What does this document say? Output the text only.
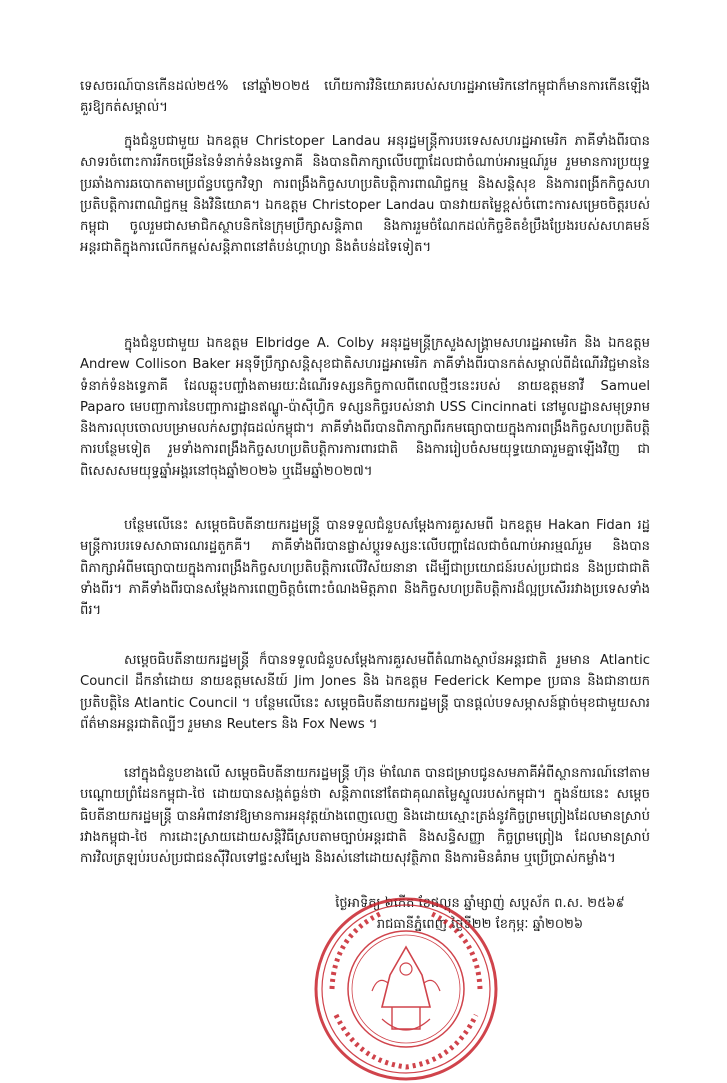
ទេសចរណ៍បានកើនដល់២៥% នៅឆ្នាំ២០២៥ ហើយការវិនិយោគរបស់សហរដ្ឋអាមេរិកនៅកម្ពុជាក៏មានការកើនឡើងគួរឱ្យកត់សម្គាល់។

ក្នុងជំនួបជាមួយ ឯកឧត្តម Christoper Landau អនុរដ្ឋមន្ត្រីការបរទេសសហរដ្ឋអាមេរិក ភាគីទាំងពីរបានសាទរចំពោះការរីកចម្រើននៃទំនាក់ទំនងទ្វេភាគី និងបានពិភាក្សាលើបញ្ហាដែលជាចំណាប់អារម្មណ៍រួម រួមមានការប្រយុទ្ធប្រឆាំងការឆបោកតាមប្រព័ន្ធបច្ចេកវិទ្យា ការពង្រឹងកិច្ចសហប្រតិបត្តិការពាណិជ្ជកម្ម និងសន្តិសុខ និងការពង្រីកកិច្ចសហប្រតិបត្តិការពាណិជ្ជកម្ម និងវិនិយោគ។ ឯកឧត្តម Christoper Landau បានវាយតម្លៃខ្ពស់ចំពោះការសម្រេចចិត្តរបស់កម្ពុជា ចូលរួមជាសមាជិកស្ថាបនិកនៃក្រុមប្រឹក្សាសន្តិភាព និងការរួមចំណែកដល់កិច្ចខិតខំប្រឹងប្រែងរបស់សហគមន៍អន្តរជាតិក្នុងការលើកកម្ពស់សន្តិភាពនៅតំបន់ហ្គាហ្សា និងតំបន់ដទៃទៀត។

ក្នុងជំនួបជាមួយ ឯកឧត្តម Elbridge A. Colby អនុរដ្ឋមន្ត្រីក្រសួងសង្គ្រាមសហរដ្ឋអាមេរិក និង ឯកឧត្តម Andrew Collison Baker អនុទីប្រឹក្សាសន្តិសុខជាតិសហរដ្ឋអាមេរិក ភាគីទាំងពីរបានកត់សម្គាល់ពីដំណើរវិជ្ជមាននៃទំនាក់ទំនងទ្វេភាគី ដែលឆ្លុះបញ្ចាំងតាមរយៈដំណើរទស្សនកិច្ចកាលពីពេលថ្មីៗនេះរបស់ នាយឧត្តមនាវី Samuel Paparo មេបញ្ជាការនៃបញ្ជាការដ្ឋានឥណ្ឌូ-ប៉ាស៊ីហ្វិក ទស្សនកិច្ចរបស់នាវា USS Cincinnati នៅមូលដ្ឋានសមុទ្ររាម និងការលុបចោលបម្រាមលក់សព្វាវុធដល់កម្ពុជា។ ភាគីទាំងពីរបានពិភាក្សាពីរកមធ្យោបាយក្នុងការពង្រឹងកិច្ចសហប្រតិបត្តិការបន្ថែមទៀត រួមទាំងការពង្រឹងកិច្ចសហប្រតិបត្តិការការពារជាតិ និងការរៀបចំសមយុទ្ធយោធារួមគ្នាឡើងវិញ ជាពិសេសសមយុទ្ធឆ្នាំអង្គរនៅចុងឆ្នាំ២០២៦ ឬដើមឆ្នាំ២០២៧។

បន្ថែមលើនេះ សម្តេចធិបតីនាយករដ្ឋមន្ត្រី បានទទួលជំនួបសម្តែងការគួរសមពី ឯកឧត្តម Hakan Fidan រដ្ឋមន្ត្រីការបរទេសសាធារណរដ្ឋតួកគី។ ភាគីទាំងពីរបានផ្លាស់ប្តូរទស្សនៈលើបញ្ហាដែលជាចំណាប់អារម្មណ៍រួម និងបានពិភាក្សាអំពីមធ្យោបាយក្នុងការពង្រឹងកិច្ចសហប្រតិបត្តិការលើវិស័យនានា ដើម្បីជាប្រយោជន៍របស់ប្រជាជន និងប្រជាជាតិទាំងពីរ។ ភាគីទាំងពីរបានសម្តែងការពេញចិត្តចំពោះចំណងមិត្តភាព និងកិច្ចសហប្រតិបត្តិការដ៏ល្អប្រសើររវាងប្រទេសទាំងពីរ។

សម្តេចធិបតីនាយករដ្ឋមន្ត្រី ក៏បានទទួលជំនួបសម្តែងការគួរសមពីតំណាងស្ថាប័នអន្តរជាតិ រួមមាន Atlantic Council ដឹកនាំដោយ នាយឧត្តមសេនីយ៍ Jim Jones និង ឯកឧត្តម Federick Kempe ប្រធាន និងជានាយកប្រតិបត្តិនៃ Atlantic Council ។ បន្ថែមលើនេះ សម្តេចធិបតីនាយករដ្ឋមន្ត្រី បានផ្តល់បទសម្ភាសន៍ផ្តាច់មុខជាមួយសារព័ត៌មានអន្តរជាតិល្បីៗ រួមមាន Reuters និង Fox News ។

នៅក្នុងជំនួបខាងលើ សម្តេចធិបតីនាយករដ្ឋមន្ត្រី ហ៊ុន ម៉ាណែត បានជម្រាបជូនសមភាគីអំពីស្ថានការណ៍នៅតាមបណ្តោយព្រំដែនកម្ពុជា-ថៃ ដោយបានសង្កត់ធ្ងន់ថា សន្តិភាពនៅតែជាគុណតម្លៃស្នូលរបស់កម្ពុជា។ ក្នុងន័យនេះ សម្តេចធិបតីនាយករដ្ឋមន្ត្រី បានអំពាវនាវឱ្យមានការអនុវត្តយ៉ាងពេញលេញ និងដោយស្មោះត្រង់នូវកិច្ចព្រមព្រៀងដែលមានស្រាប់ រវាងកម្ពុជា-ថៃ ការដោះស្រាយដោយសន្តិវិធីស្របតាមច្បាប់អន្តរជាតិ និងសន្ធិសញ្ញា កិច្ចព្រមព្រៀង ដែលមានស្រាប់ ការវិលត្រឡប់របស់ប្រជាជនស៊ីវិលទៅផ្ទះសម្បែង និងរស់នៅដោយសុវត្ថិភាព និងការមិនគំរាម ឬប្រើប្រាស់កម្លាំង។

ថ្ងៃអាទិត្យ ៦កើត ខែផល្គុន ឆ្នាំម្សាញ់ សប្តស័ក ព.ស. ២៥៦៩
រាជធានីភ្នំពេញ ថ្ងៃទី២២ ខែកុម្ភៈ ឆ្នាំ២០២៦
